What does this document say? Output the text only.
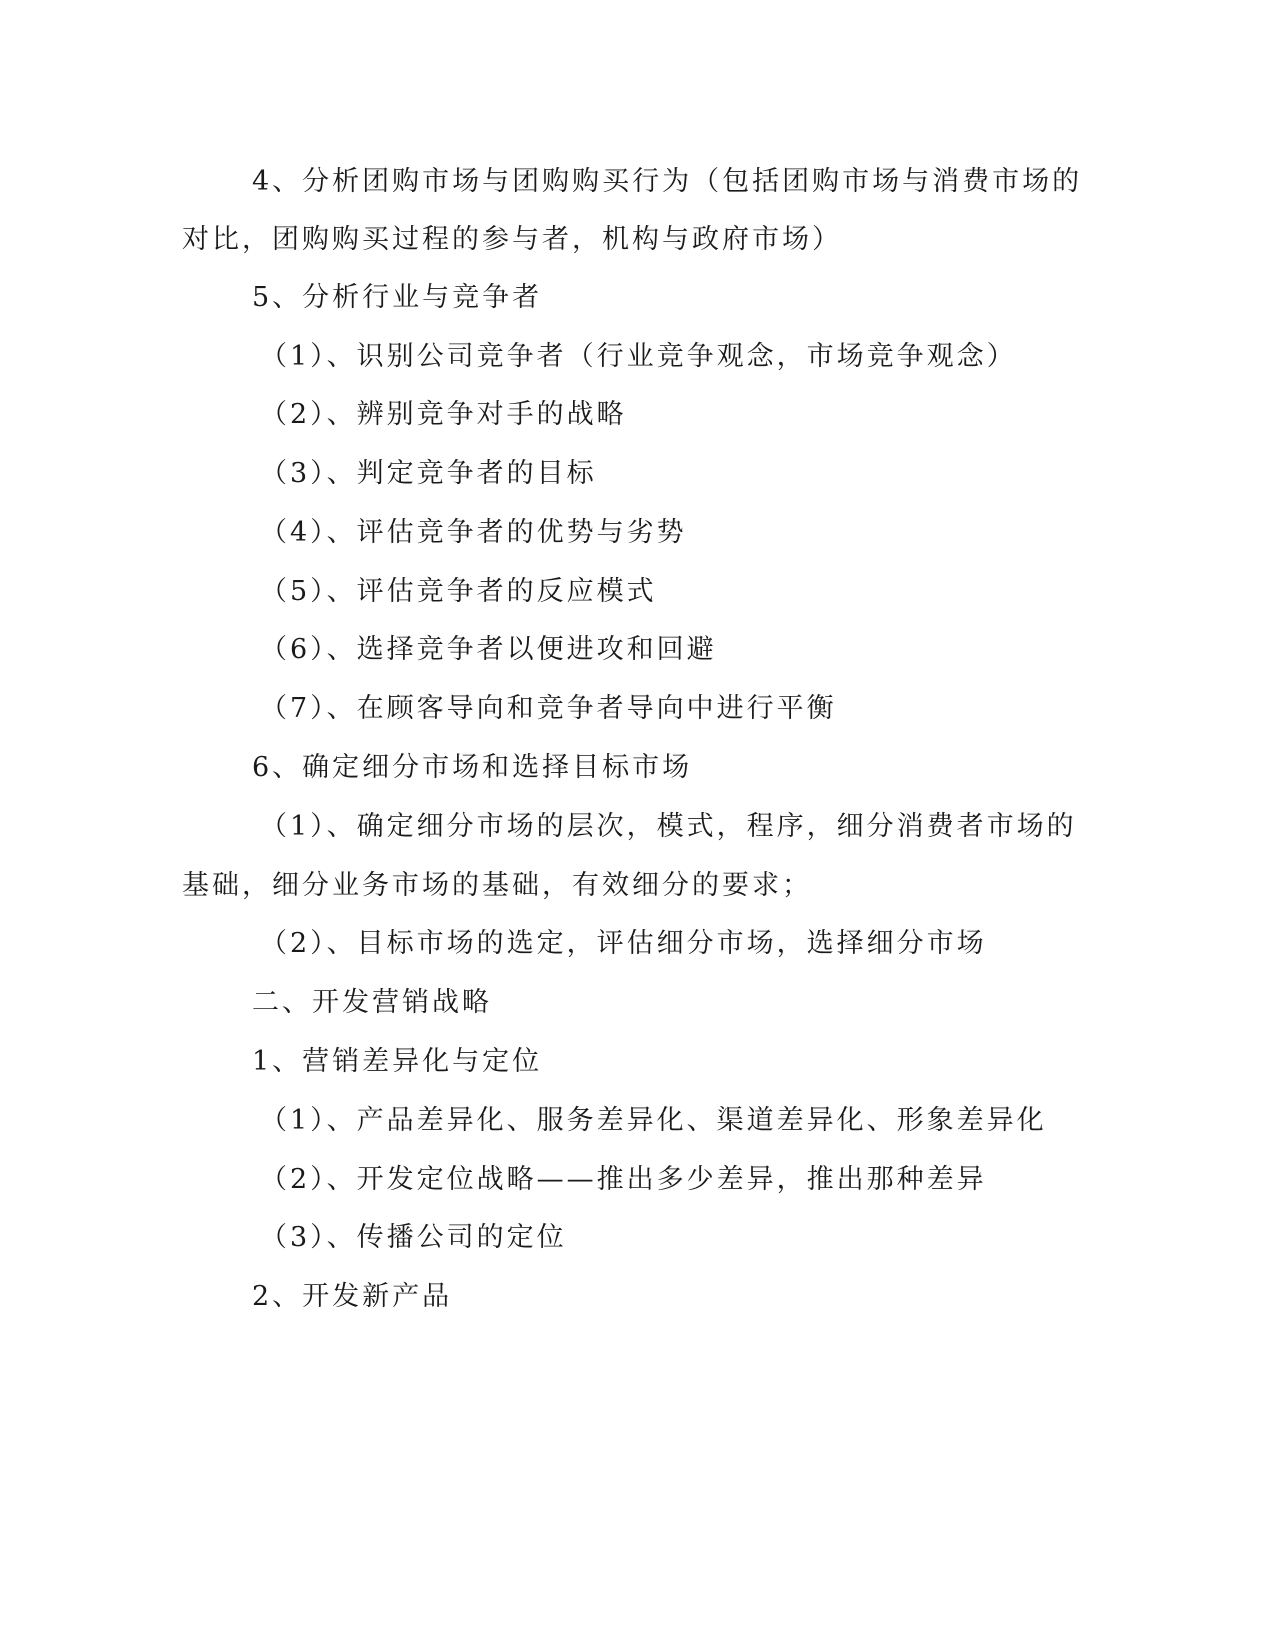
4、分析团购市场与团购购买行为（包括团购市场与消费市场的
对比，团购购买过程的参与者，机构与政府市场）
5、分析行业与竞争者
（1）、识别公司竞争者（行业竞争观念，市场竞争观念）
（2）、辨别竞争对手的战略
（3）、判定竞争者的目标
（4）、评估竞争者的优势与劣势
（5）、评估竞争者的反应模式
（6）、选择竞争者以便进攻和回避
（7）、在顾客导向和竞争者导向中进行平衡
6、确定细分市场和选择目标市场
（1）、确定细分市场的层次，模式，程序，细分消费者市场的
基础，细分业务市场的基础，有效细分的要求；
（2）、目标市场的选定，评估细分市场，选择细分市场
二、开发营销战略
1、营销差异化与定位
（1）、产品差异化、服务差异化、渠道差异化、形象差异化
（2）、开发定位战略——推出多少差异，推出那种差异
（3）、传播公司的定位
2、开发新产品
